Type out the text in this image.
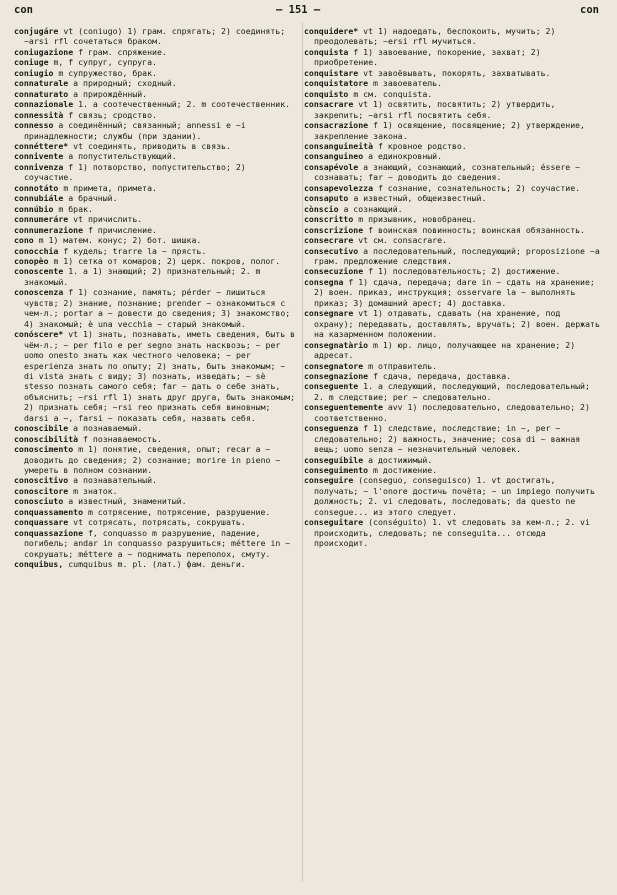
con	— 151 —	con
conjugáre vt (coniugo) 1) грам. спрягать; 2) соединять; ~arsi rfl сочетаться браком.
coniugazione f грам. спряжение.
coniuge m, f супруг, супруга.
coniugio m супружество, брак.
connaturale a природный; сходный.
connaturato a прирождённый.
connazionale 1. a соотечественный; 2. m соотечественник.
connessità f связь; сродство.
connesso a соединённый; связанный; annessi e ~i принадлежности; службы (при здании).
connéttere* vt соединять, приводить в связь.
connivente a попустительствующий.
connivenza f 1) потворство, попустительство; 2) соучастие.
connotáto m примета, приметa.
connubiále a брачный.
connúbio m брак.
connumeráre vt причислить.
connumerazione f причисление.
cono m 1) матем. конус; 2) бот. шишка.
conocchia f кудель; trarre la ~ прясть.
conopèo m 1) сетка от комаров; 2) церк. покров, полог.
conoscente 1. a 1) знающий; 2) признательный; 2. m знакомый.
conoscenza f 1) сознание, память; pérder ~ лишиться чувств; 2) знание, познание; prender ~ ознакомиться с чем-л.; portar a ~ довести до сведения; 3) знакомство; 4) знакомый; è una vecchia ~ старый знакомый.
conóscere* vt 1) знать, познавать, иметь сведения, быть в чём-л.; ~ per filo e per segno знать насквозь; ~ per uomo onesto знать как честного человека; ~ per esperienza знать по опыту; 2) знать, быть знакомым; ~ di vista знать с виду; 3) познать, изведать; ~ sè stesso познать самого себя; far ~ дать о себе знать, объяснить; ~rsi rfl 1) знать друг друга, быть знакомым; 2) признать себя; ~rsi reo признать себя виновным; darsi a ~, farsi ~ показать себя, назвать себя.
conoscibile a познаваемый.
conoscibilità f познаваемость.
conoscimento m 1) понятие, сведения, опыт; recar a ~ доводить до сведения; 2) сознание; morire in pieno ~ умереть в полном сознании.
conoscitivo a познавательный.
conoscitore m знаток.
conosciuto a известный, знаменитый.
conquassamento m сотрясение, потрясение, разрушение.
conquassare vt сотрясать, потрясать, сокрушать.
conquassazione f, conquasso m разрушение, падение, погибель; andar in conquasso разрушиться; méttere in ~ сокрушать; méttere a ~ поднимать переполох, смуту.
conquibus, cumquibus m. pl. (лат.) фам. деньги.
conquidere* vt 1) надоедать, беспокоить, мучить; 2) преодолевать; ~ersi rfl мучиться.
conquista f 1) завоевание, покорение, захват; 2) приобретение.
conquistare vt завоёвывать, покорять, захватывать.
conquistatore m завоеватель.
conquisto m см. conquista.
consacrare vt 1) освятить, посвятить; 2) утвердить, закрепить; ~arsi rfl посвятить себя.
consacrazione f 1) освящение, посвящение; 2) утверждение, закрепление закона.
consanguineità f кровное родство.
consanguineo a единокровный.
consapévole a знающий, сознающий, сознательный; éssere ~ сознавать; far ~ доводить до сведения.
consapevolezza f сознание, сознательность; 2) соучастие.
consaputo a известный, общеизвестный.
cònscio a сознающий.
conscritto m призывник, новобранец.
conscrizione f воинская повинность; воинская обязанность.
consecrare vt см. consacrare.
consecutivo a последовательный, последующий; proposizione ~a грам. предложение следствия.
consecuzione f 1) последовательность; 2) достижение.
consegna f 1) сдача, передача; dare in ~ сдать на хранение; 2) воен. приказ, инструкция; osservare la ~ выполнять приказ; 3) домашний арест; 4) доставка.
consegnare vt 1) отдавать, сдавать (на хранение, под охрану); передавать, доставлять, вручать; 2) воен. держать на казарменном положении.
consegnatàrio m 1) юр. лицо, получающее на хранение; 2) адресат.
consegnatore m отправитель.
consegnazione f сдача, передача, доставка.
conseguente 1. a следующий, последующий, последовательный; 2. m следствие; per ~ следовательно.
conseguentemente avv 1) последовательно, следовательно; 2) соответственно.
conseguenza f 1) следствие, последствие; in ~, per ~ следовательно; 2) важность, значение; cosa di ~ важная вещь; uomo senza ~ незначительный человек.
conseguíbile a достижимый.
conseguimento m достижение.
conseguire (conseguo, conseguisco) 1. vt достигать, получать; ~ l'onore достичь почёта; ~ un impiego получить должность; 2. vi следовать, последовать; da questo ne consegue... из этого следует.
conseguitare (conséguito) 1. vt следовать за кем-л.; 2. vi происходить, следовать; ne conseguita... отсюда происходит.
